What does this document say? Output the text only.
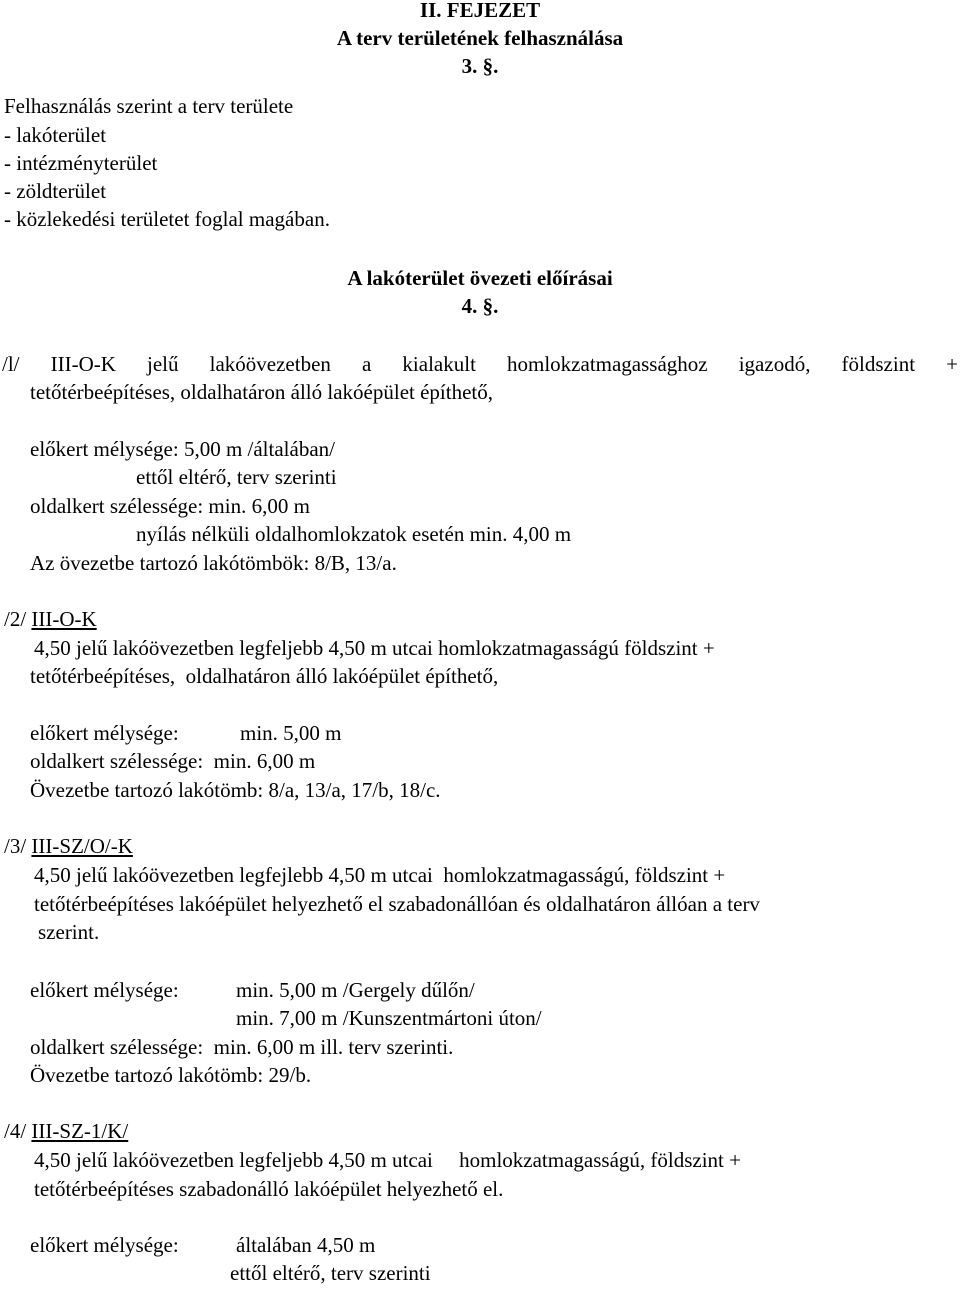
II. FEJEZET
A terv területének felhasználása
3. §.
Felhasználás szerint a terv területe
- lakóterület
- intézményterület
- zöldterület
- közlekedési területet foglal magában.
A lakóterület övezeti előírásai
4. §.
/l/ III-O-K jelű lakóövezetben a kialakult homlokzatmagassághoz igazodó, földszint +
tetőtérbeépítéses, oldalhatáron álló lakóépület építhető,
előkert mélysége: 5,00 m /általában/
ettől eltérő, terv szerinti
oldalkert szélessége: min. 6,00 m
nyílás nélküli oldalhomlokzatok esetén min. 4,00 m
Az övezetbe tartozó lakótömbök: 8/B, 13/a.
/2/ III-O-K
4,50 jelű lakóövezetben legfeljebb 4,50 m utcai homlokzatmagasságú földszint +
tetőtérbeépítéses,  oldalhatáron álló lakóépület építhető,
előkert mélysége:	min. 5,00 m
oldalkert szélessége:  min. 6,00 m
Övezetbe tartozó lakótömb: 8/a, 13/a, 17/b, 18/c.
/3/ III-SZ/O/-K
4,50 jelű lakóövezetben legfejlebb 4,50 m utcai  homlokzatmagasságú, földszint +
tetőtérbeépítéses lakóépület helyezhető el szabadonállóan és oldalhatáron állóan a terv
szerint.
előkert mélysége:	min. 5,00 m /Gergely dűlőn/
min. 7,00 m /Kunszentmártoni úton/
oldalkert szélessége:  min. 6,00 m ill. terv szerinti.
Övezetbe tartozó lakótömb: 29/b.
/4/ III-SZ-1/K/
4,50 jelű lakóövezetben legfeljebb 4,50 m utcai     homlokzatmagasságú, földszint +
tetőtérbeépítéses szabadonálló lakóépület helyezhető el.
előkert mélysége:	általában 4,50 m
ettől eltérő, terv szerinti
